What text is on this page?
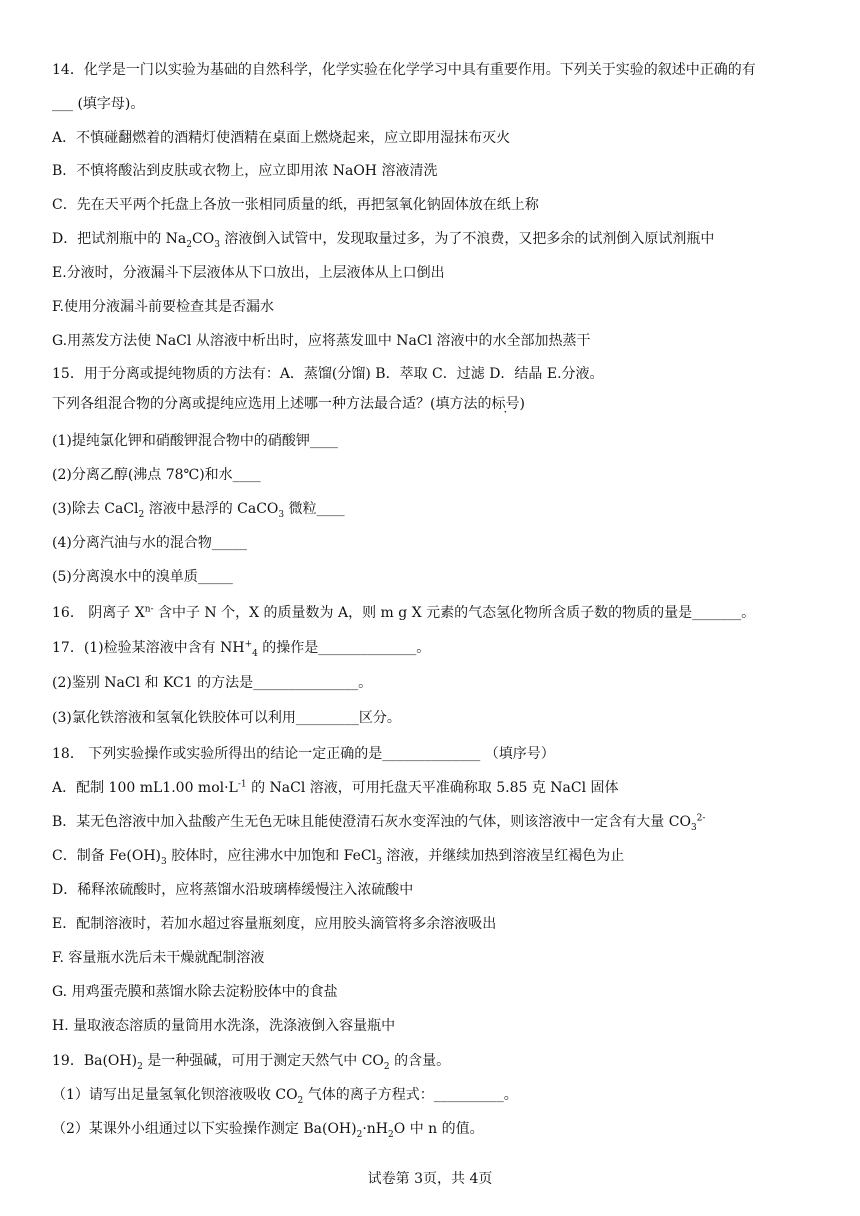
14．化学是一门以实验为基础的自然科学，化学实验在化学学习中具有重要作用。下列关于实验的叙述中正确的有
___ (填字母)。
A．不慎碰翻燃着的酒精灯使酒精在桌面上燃烧起来，应立即用湿抹布灭火
B．不慎将酸沾到皮肤或衣物上，应立即用浓 NaOH 溶液清洗
C．先在天平两个托盘上各放一张相同质量的纸，再把氢氧化钠固体放在纸上称
D．把试剂瓶中的 $Na_2CO_3$ 溶液倒入试管中，发现取量过多，为了不浪费，又把多余的试剂倒入原试剂瓶中
E.分液时，分液漏斗下层液体从下口放出，上层液体从上口倒出
F.使用分液漏斗前要检查其是否漏水
G.用蒸发方法使 NaCl 从溶液中析出时，应将蒸发皿中 NaCl 溶液中的水全部加热蒸干
15．用于分离或提纯物质的方法有：A．蒸馏(分馏) B．萃取 C．过滤 D．结晶 E.分液。
下列各组混合物的分离或提纯应选用上述哪一种方法最合适？(填方法的标号)
(1)提纯氯化钾和硝酸钾混合物中的硝酸钾____
(2)分离乙醇(沸点 78℃)和水____
(3)除去 CaCl$_2$ 溶液中悬浮的 CaCO$_3$ 微粒____
(4)分离汽油与水的混合物_____
(5)分离溴水中的溴单质_____
16． 阴离子 $X^{n-}$ 含中子 N 个，X 的质量数为 A，则 m g X 元素的气态氢化物所含质子数的物质的量是_______。
17．(1)检验某溶液中含有 $NH^+_4$ 的操作是______________。
(2)鉴别 NaCl 和 KC1 的方法是_______________。
(3)氯化铁溶液和氢氧化铁胶体可以利用_________区分。
18． 下列实验操作或实验所得出的结论一定正确的是______________ （填序号）
A．配制 100 mL1.00 $mol\cdot L^{-1}$ 的 NaCl 溶液，可用托盘天平准确称取 5.85 克 NaCl 固体
B．某无色溶液中加入盐酸产生无色无味且能使澄清石灰水变浑浊的气体，则该溶液中一定含有大量 $CO_3^{2-}$
C．制备 $Fe(OH)_3$ 胶体时，应往沸水中加饱和 FeCl$_3$ 溶液，并继续加热到溶液呈红褐色为止
D．稀释浓硫酸时，应将蒸馏水沿玻璃棒缓慢注入浓硫酸中
E．配制溶液时，若加水超过容量瓶刻度，应用胶头滴管将多余溶液吸出
F. 容量瓶水洗后未干燥就配制溶液
G. 用鸡蛋壳膜和蒸馏水除去淀粉胶体中的食盐
H. 量取液态溶质的量筒用水洗涤，洗涤液倒入容量瓶中
19．$Ba(OH)_2$ 是一种强碱，可用于测定天然气中 $CO_2$ 的含量。
（1）请写出足量氢氧化钡溶液吸收 $CO_2$ 气体的离子方程式：__________。
（2）某课外小组通过以下实验操作测定 $Ba(OH)_2\cdot nH_2O$ 中 n 的值。
试卷第 3页，共 4页
